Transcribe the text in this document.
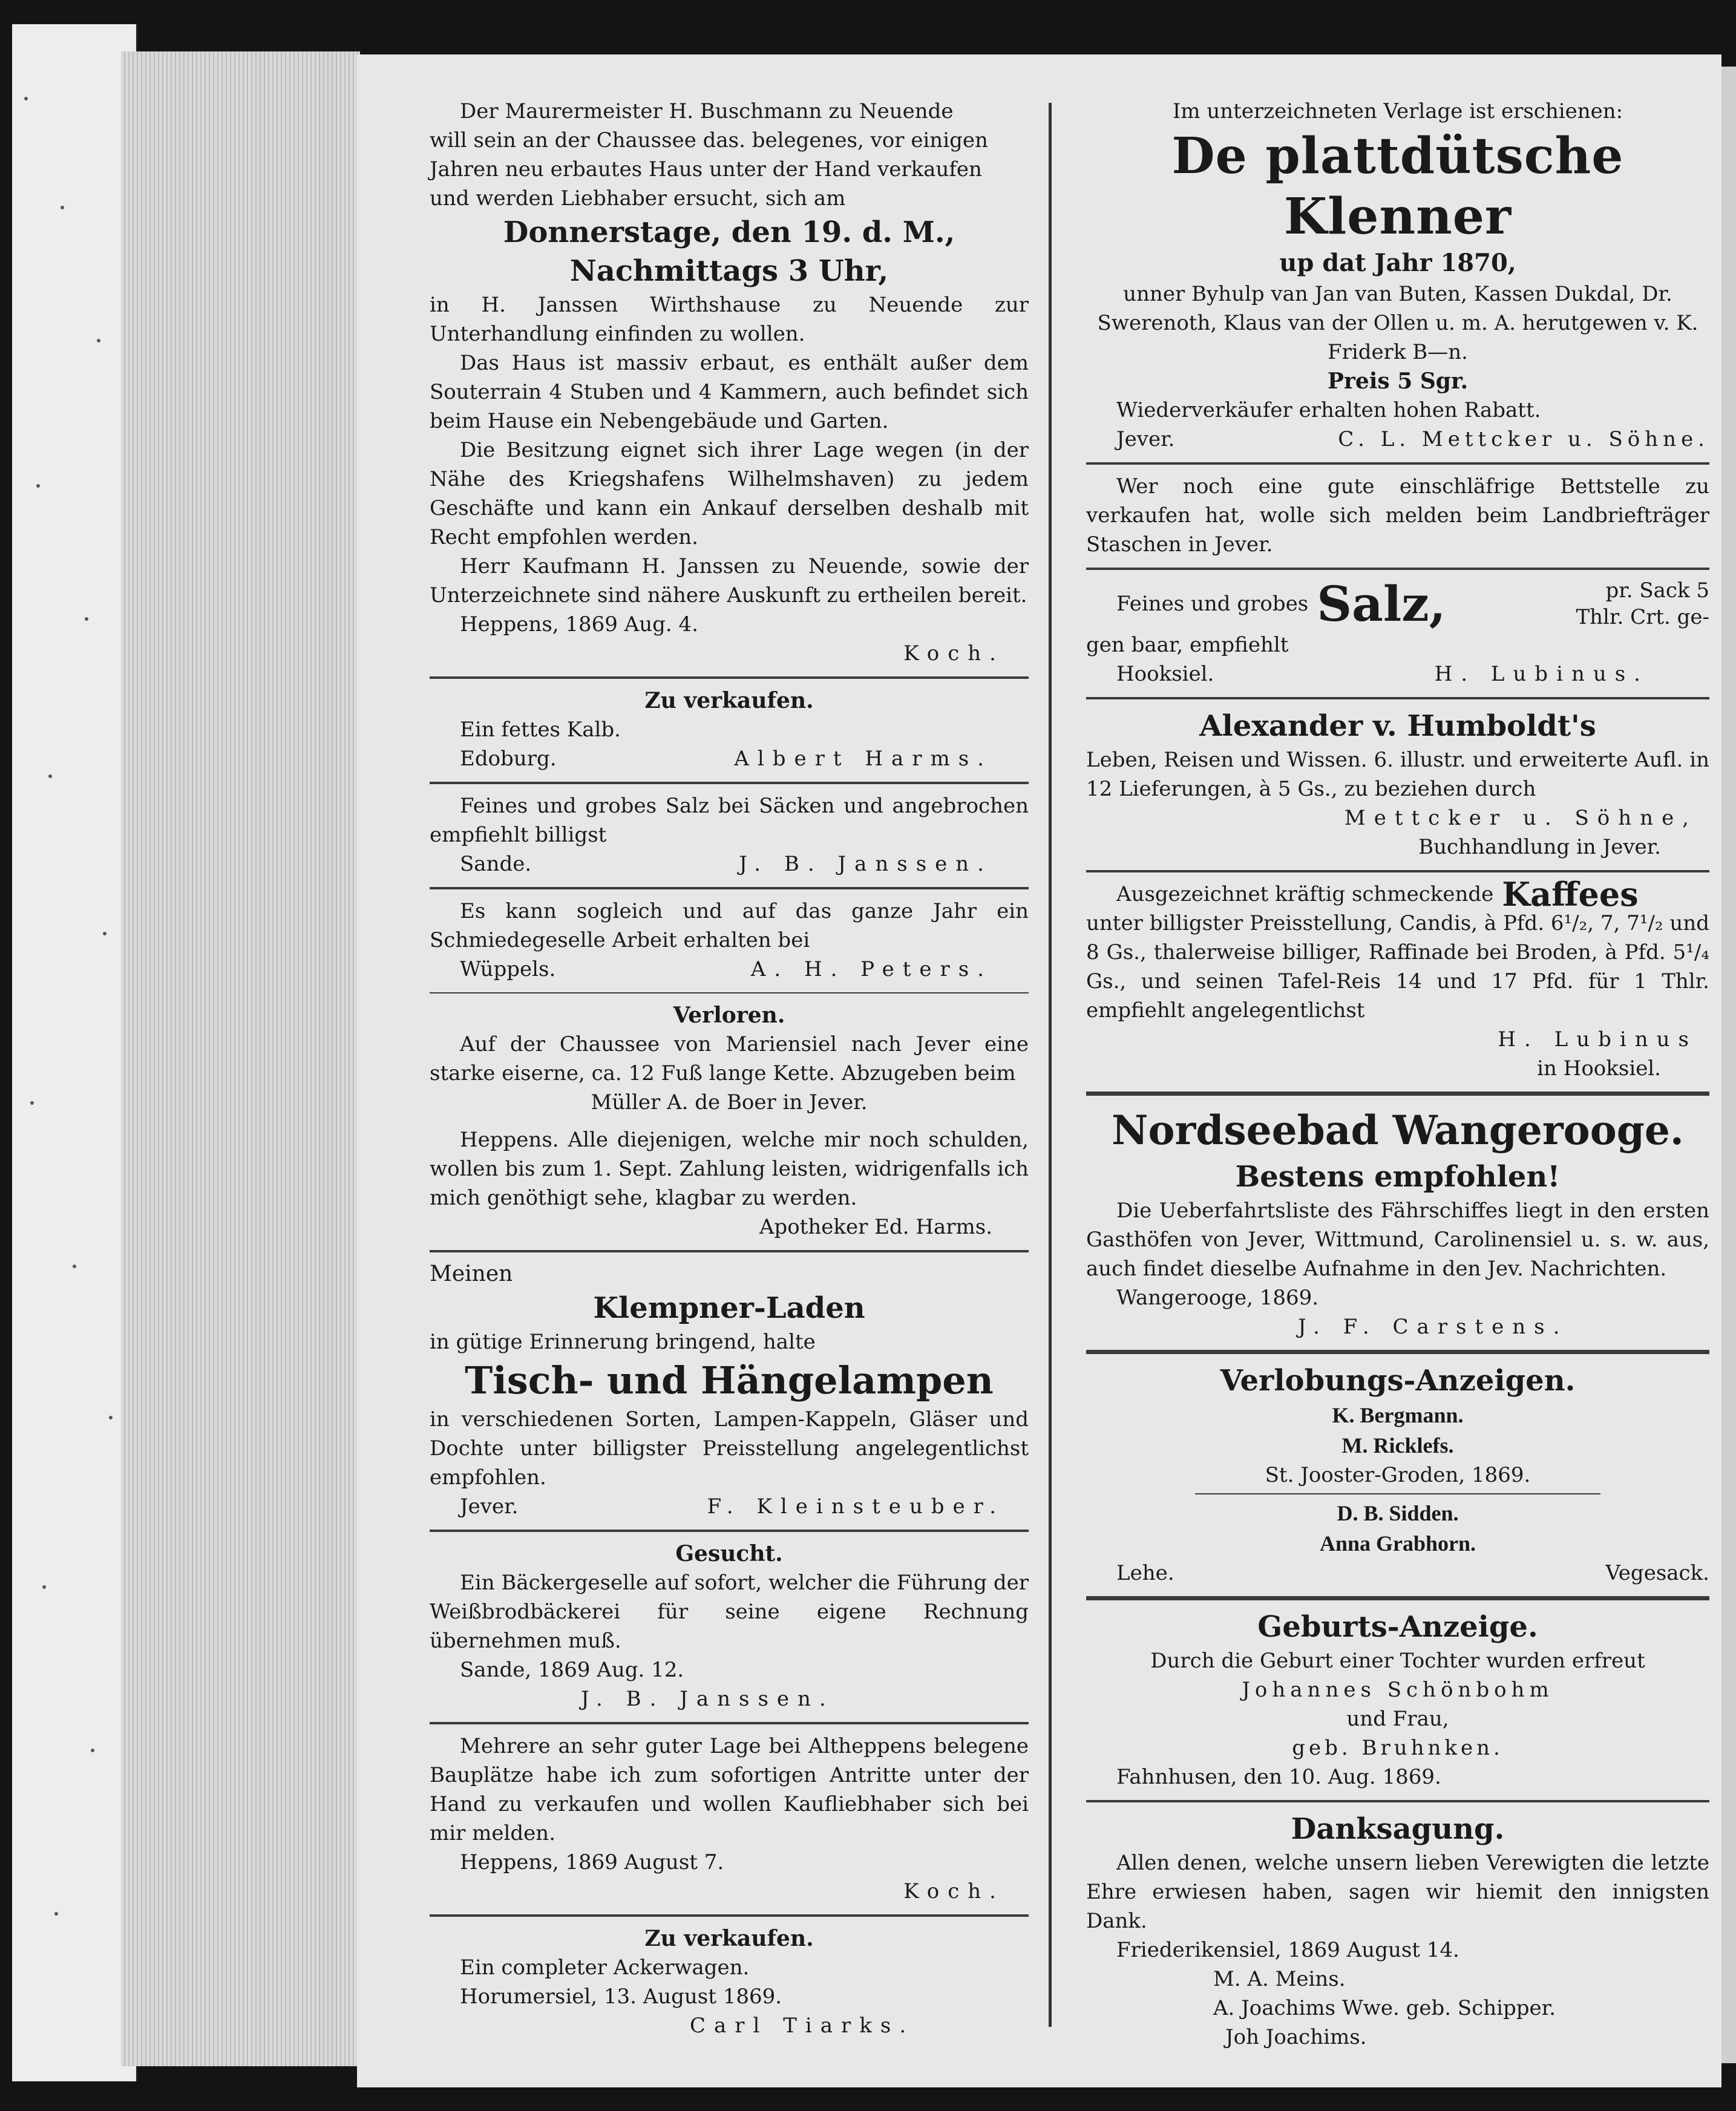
Der Maurermeister H. Buschmann zu Neuende

will sein an der Chaussee das. belegenes, vor einigen

Jahren neu erbautes Haus unter der Hand verkaufen

und werden Liebhaber ersucht, sich am

Donnerstage, den 19. d. M.,

Nachmittags 3 Uhr,

in H. Janssen Wirthshause zu Neuende zur Unterhandlung einfinden zu wollen.

Das Haus ist massiv erbaut, es enthält außer dem Souterrain 4 Stuben und 4 Kammern, auch befindet sich beim Hause ein Nebengebäude und Garten.

Die Besitzung eignet sich ihrer Lage wegen (in der Nähe des Kriegshafens Wilhelmshaven) zu jedem Geschäfte und kann ein Ankauf derselben deshalb mit Recht empfohlen werden.

Herr Kaufmann H. Janssen zu Neuende, sowie der Unterzeichnete sind nähere Auskunft zu ertheilen bereit.

Heppens, 1869 Aug. 4.
Koch.

Zu verkaufen.

Ein fettes Kalb.

Edoburg.	Albert Harms.

Feines und grobes Salz bei Säcken und angebrochen empfiehlt billigst

Sande.	J. B. Janssen.

Es kann sogleich und auf das ganze Jahr ein Schmiedegeselle Arbeit erhalten bei

Wüppels.	A. H. Peters.

Verloren.

Auf der Chaussee von Mariensiel nach Jever eine starke eiserne, ca. 12 Fuß lange Kette. Abzugeben beim

Müller A. de Boer in Jever.

Heppens. Alle diejenigen, welche mir noch schulden, wollen bis zum 1. Sept. Zahlung leisten, widrigenfalls ich mich genöthigt sehe, klagbar zu werden.

Apotheker Ed. Harms.

Meinen

Klempner-Laden

in gütige Erinnerung bringend, halte

Tisch- und Hängelampen

in verschiedenen Sorten, Lampen-Kappeln, Gläser und Dochte unter billigster Preisstellung angelegentlichst empfohlen.

Jever.	F. Kleinsteuber.

Gesucht.

Ein Bäckergeselle auf sofort, welcher die Führung der Weißbrodbäckerei für seine eigene Rechnung übernehmen muß.

Sande, 1869 Aug. 12.
J. B. Janssen.

Mehrere an sehr guter Lage bei Altheppens belegene Bauplätze habe ich zum sofortigen Antritte unter der Hand zu verkaufen und wollen Kaufliebhaber sich bei mir melden.

Heppens, 1869 August 7.
Koch.

Zu verkaufen.

Ein completer Ackerwagen.

Horumersiel, 13. August 1869.
Carl Tiarks.

Im unterzeichneten Verlage ist erschienen:

De plattdütsche Klenner

up dat Jahr 1870,

unner Byhulp van Jan van Buten, Kassen Dukdal, Dr. Swerenoth, Klaus van der Ollen u. m. A. herutgewen v. K. Friderk B—n.

Preis 5 Sgr.

Wiederverkäufer erhalten hohen Rabatt.

Jever.	C. L. Mettcker u. Söhne.

Wer noch eine gute einschläfrige Bettstelle zu verkaufen hat, wolle sich melden beim Landbriefträger Staschen in Jever.

Feines und grobes Salz,	pr. Sack 5
Thlr. Crt. ge-

gen baar, empfiehlt

Hooksiel.	H. Lubinus.

Alexander v. Humboldt's

Leben, Reisen und Wissen. 6. illustr. und erweiterte Aufl. in 12 Lieferungen, à 5 Gs., zu beziehen durch

Mettcker u. Söhne,
Buchhandlung in Jever.
Ausgezeichnet kräftig schmeckende Kaffees

unter billigster Preisstellung, Candis, à Pfd. 6¹/₂, 7, 7¹/₂ und 8 Gs., thalerweise billiger, Raffinade bei Broden, à Pfd. 5¹/₄ Gs., und seinen Tafel-Reis 14 und 17 Pfd. für 1 Thlr. empfiehlt angelegentlichst

H. Lubinus
in Hooksiel.

Nordseebad Wangerooge.

Bestens empfohlen!

Die Ueberfahrtsliste des Fährschiffes liegt in den ersten Gasthöfen von Jever, Wittmund, Carolinensiel u. s. w. aus, auch findet dieselbe Aufnahme in den Jev. Nachrichten.

Wangerooge, 1869.
J. F. Carstens.

Verlobungs-Anzeigen.

K. Bergmann.

M. Ricklefs.

St. Jooster-Groden, 1869.

D. B. Sidden.

Anna Grabhorn.

Lehe.	Vegesack.

Geburts-Anzeige.

Durch die Geburt einer Tochter wurden erfreut

Johannes Schönbohm

und Frau,

geb. Bruhnken.

Fahnhusen, den 10. Aug. 1869.

Danksagung.

Allen denen, welche unsern lieben Verewigten die letzte Ehre erwiesen haben, sagen wir hiemit den innigsten Dank.

Friederikensiel, 1869 August 14.
M. A. Meins.
A. Joachims Wwe. geb. Schipper.
Joh Joachims.
